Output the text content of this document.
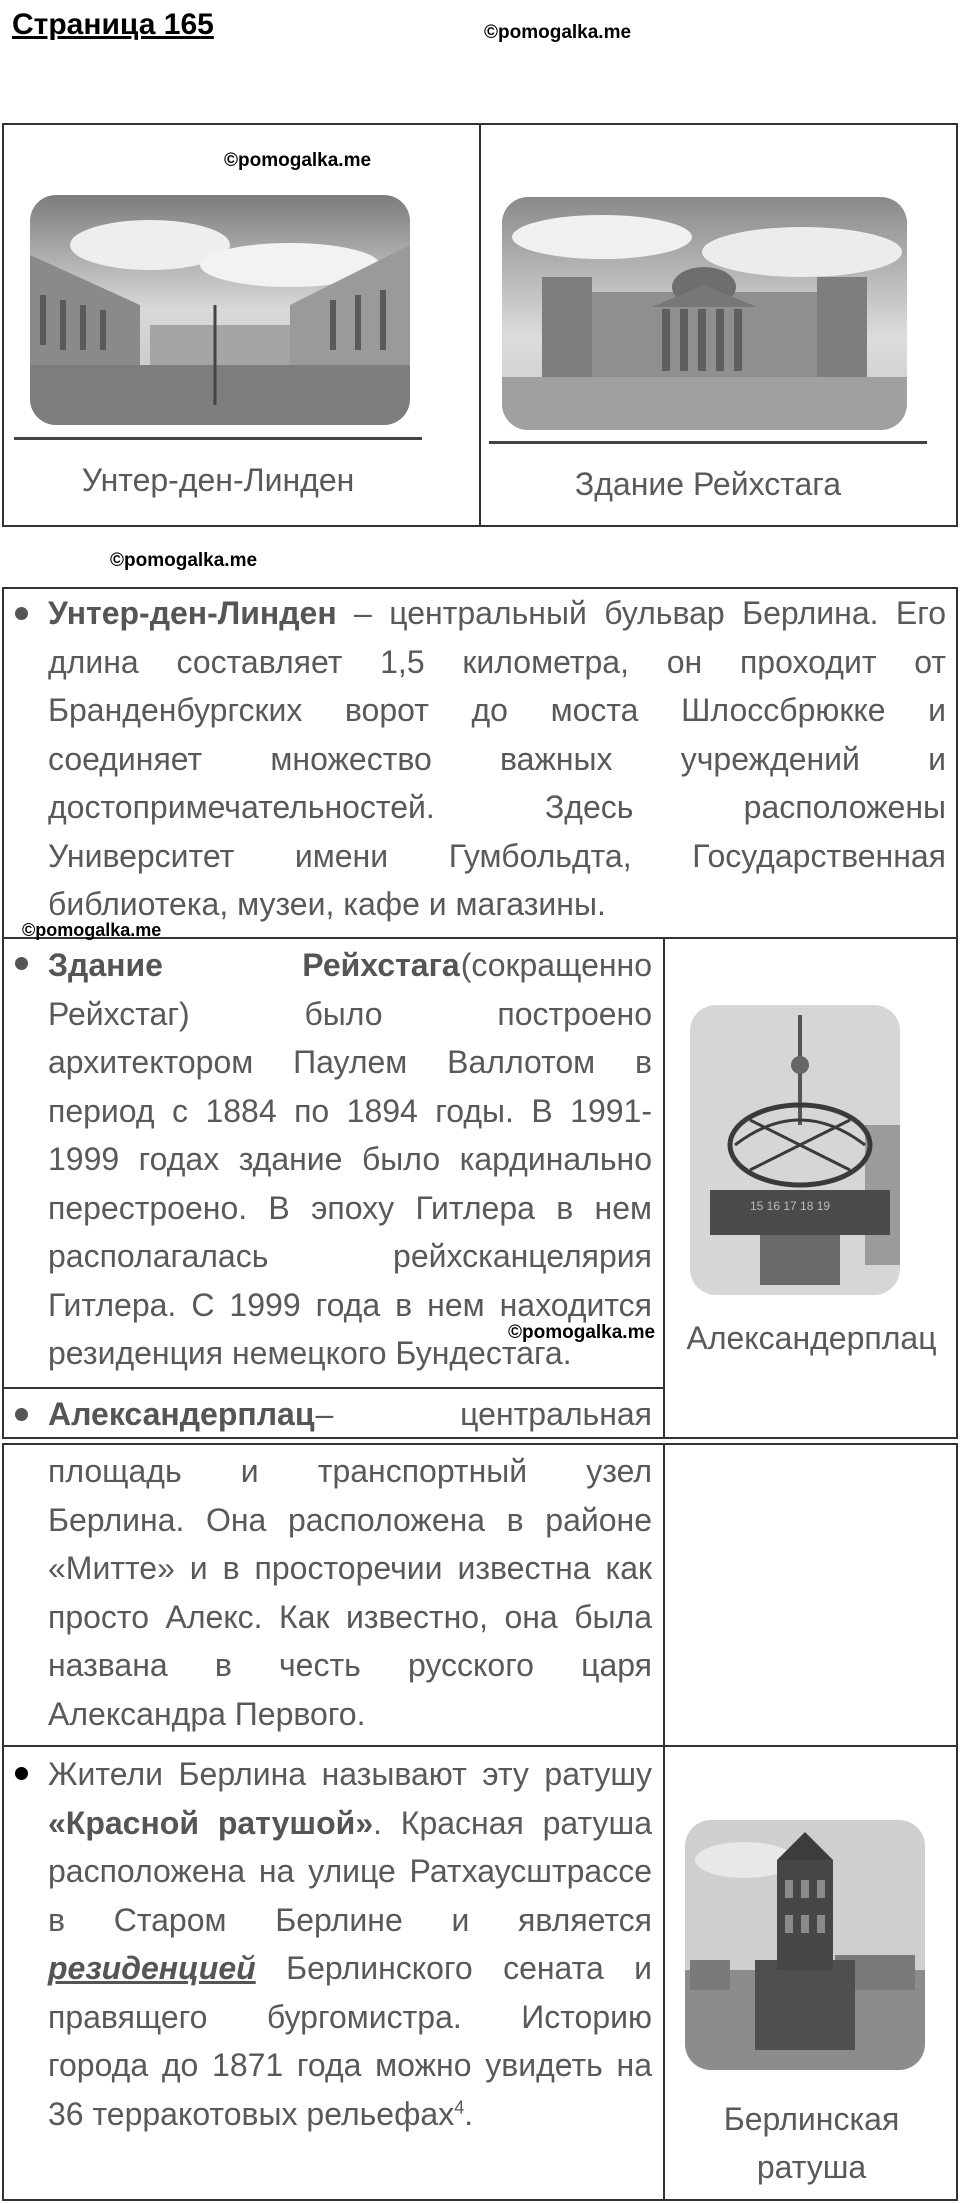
Страница 165	©pomogalka.me
©pomogalka.me
Унтер-ден-Линден	Здание Рейхстага
©pomogalka.me
Унтер-ден-Линден – центральный бульвар Берлина. Его
длина составляет 1,5 километра, он проходит от
Бранденбургских ворот до моста Шлоссбрюкке и
соединяет множество важных учреждений и
достопримечательностей. Здесь расположены
Университет имени Гумбольдта, Государственная
библиотека, музеи, кафе и магазины.
©pomogalka.me
Здание Рейхстага(сокращенно
Рейхстаг) было построено
архитектором Паулем Валлотом в
период с 1884 по 1894 годы. В 1991-
1999 годах здание было кардинально
перестроено. В эпоху Гитлера в нем
располагалась рейхсканцелярия
Гитлера. С 1999 года в нем находится
резиденция немецкого Бундестага.
©pomogalka.me
15 16 17 18 19
Александерплац
Александерплац– центральная
площадь и транспортный узел
Берлина. Она расположена в районе
«Митте» и в просторечии известна как
просто Алекс. Как известно, она была
названа в честь русского царя
Александра Первого.
Жители Берлина называют эту ратушу
«Красной ратушой». Красная ратуша
расположена на улице Ратхаусштрассе
в Старом Берлине и является
резиденцией Берлинского сената и
правящего бургомистра. Историю
города до 1871 года можно увидеть на
36 терракотовых рельефах$^4$.	Берлинская
ратуша
